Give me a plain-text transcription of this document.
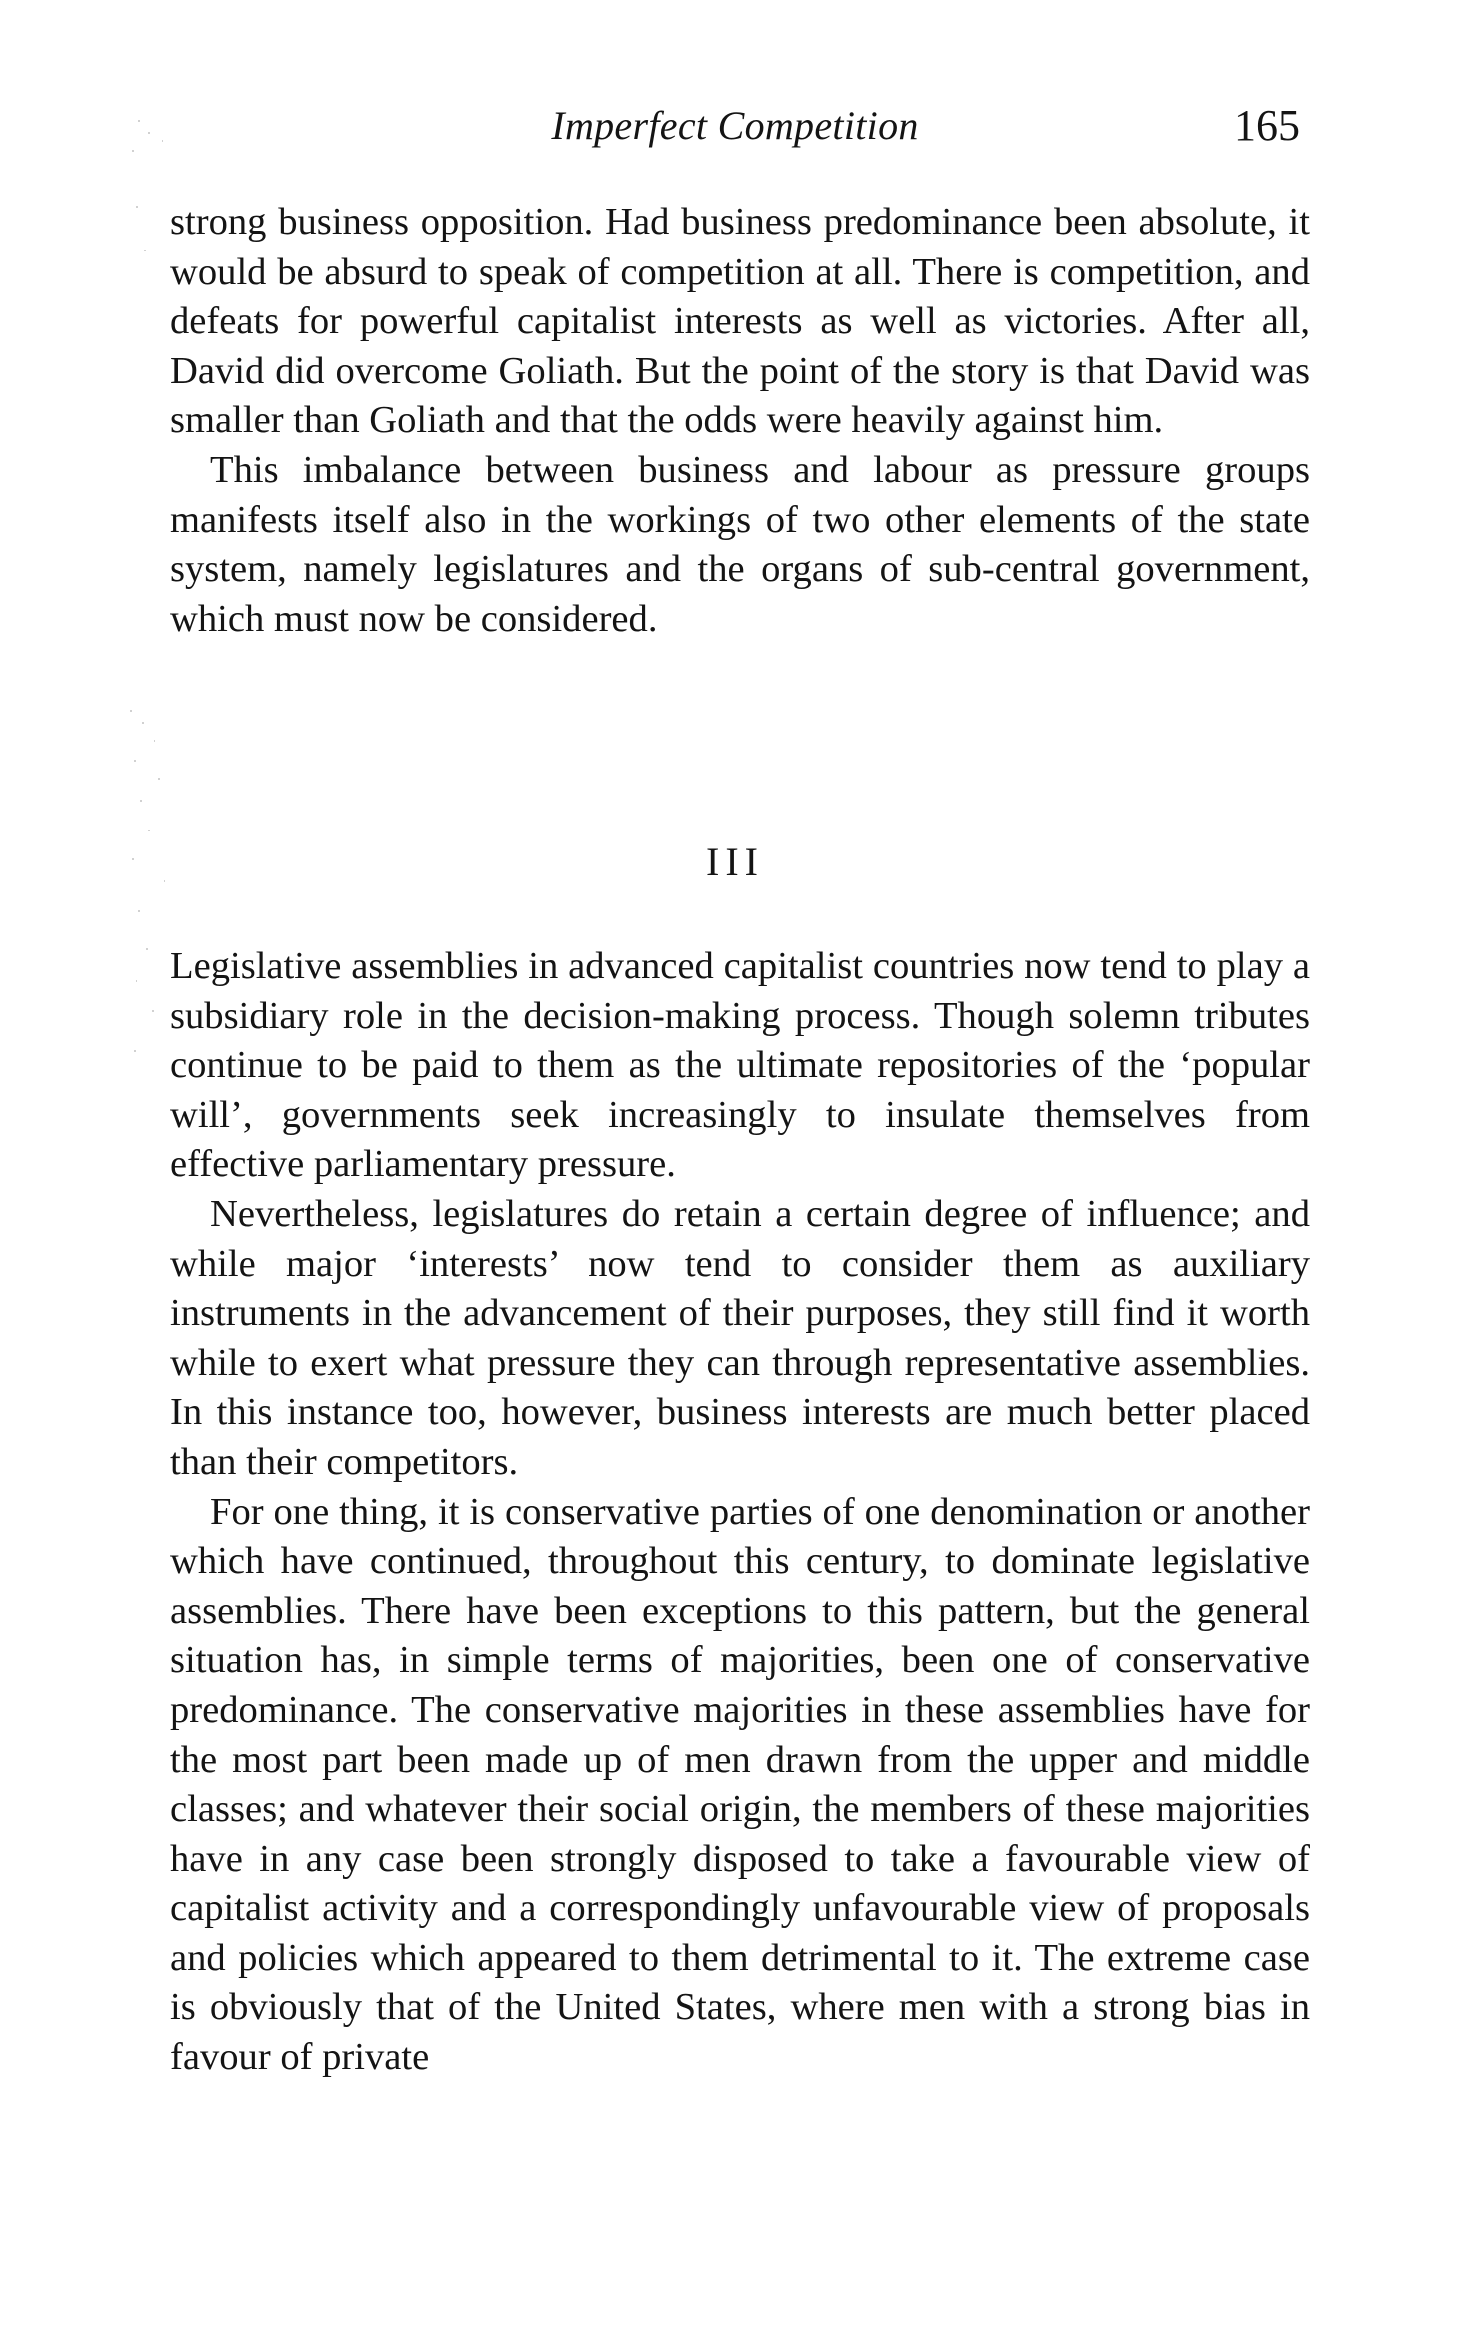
Imperfect Competition	165

strong business opposition. Had business predominance been absolute, it would be absurd to speak of competition at all. There is competition, and defeats for powerful capitalist interests as well as victories. After all, David did overcome Goliath. But the point of the story is that David was smaller than Goliath and that the odds were heavily against him.

This imbalance between business and labour as pressure groups manifests itself also in the workings of two other elements of the state system, namely legislatures and the organs of sub-central government, which must now be considered.

III

Legislative assemblies in advanced capitalist countries now tend to play a subsidiary role in the decision-making process. Though solemn tributes continue to be paid to them as the ultimate repositories of the ‘popular will’, governments seek increasingly to insulate themselves from effective parliamentary pressure.

Nevertheless, legislatures do retain a certain degree of influence; and while major ‘interests’ now tend to consider them as auxiliary instruments in the advancement of their purposes, they still find it worth while to exert what pressure they can through representative assemblies. In this instance too, however, business interests are much better placed than their competitors.

For one thing, it is conservative parties of one denomination or another which have continued, throughout this century, to dominate legislative assemblies. There have been exceptions to this pattern, but the general situation has, in simple terms of majorities, been one of conservative predominance. The conservative majorities in these assemblies have for the most part been made up of men drawn from the upper and middle classes; and whatever their social origin, the members of these majorities have in any case been strongly disposed to take a favourable view of capitalist activity and a correspondingly unfavourable view of proposals and policies which appeared to them detrimental to it. The extreme case is obviously that of the United States, where men with a strong bias in favour of private
